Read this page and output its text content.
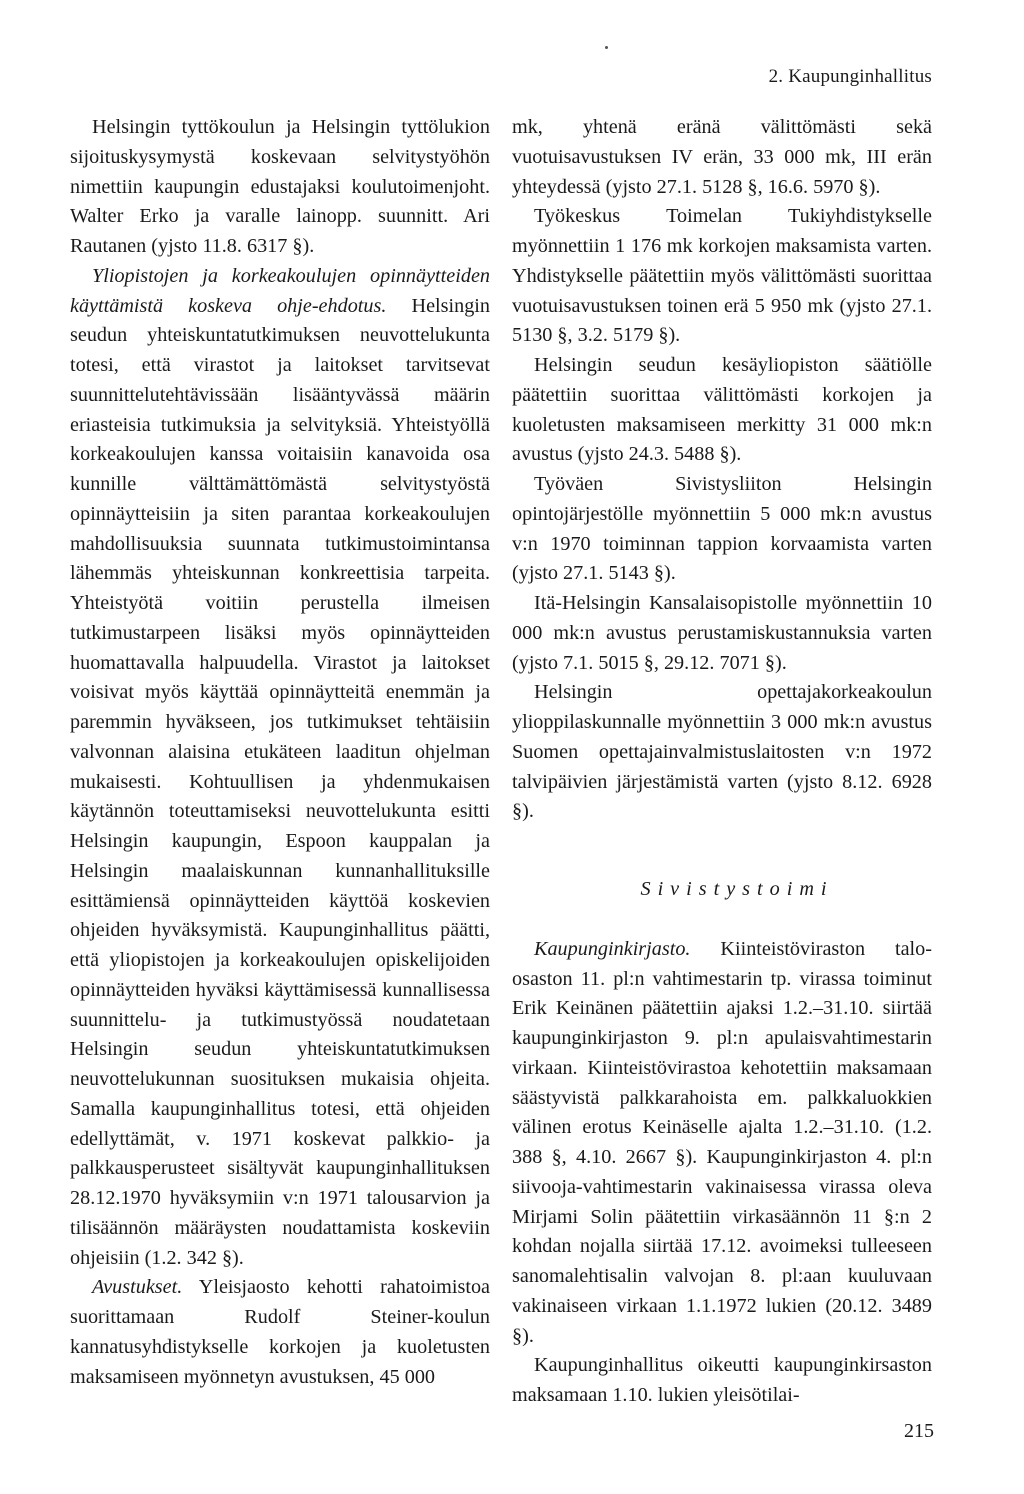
2. Kaupunginhallitus

Helsingin tyttökoulun ja Helsingin tyttölukion sijoituskysymystä koskevaan selvitystyöhön nimettiin kaupungin edustajaksi koulutoimenjoht. Walter Erko ja varalle lainopp. suunnitt. Ari Rautanen (yjsto 11.8. 6317 §).

Yliopistojen ja korkeakoulujen opinnäytteiden käyttämistä koskeva ohje-ehdotus. Helsingin seudun yhteiskuntatutkimuksen neuvottelukunta totesi, että virastot ja laitokset tarvitsevat suunnittelutehtävissään lisääntyvässä määrin eriasteisia tutkimuksia ja selvityksiä. Yhteistyöllä korkeakoulujen kanssa voitaisiin kanavoida osa kunnille välttämättömästä selvitystyöstä opinnäytteisiin ja siten parantaa korkeakoulujen mahdollisuuksia suunnata tutkimustoimintansa lähemmäs yhteiskunnan konkreettisia tarpeita. Yhteistyötä voitiin perustella ilmeisen tutkimustarpeen lisäksi myös opinnäytteiden huomattavalla halpuudella. Virastot ja laitokset voisivat myös käyttää opinnäytteitä enemmän ja paremmin hyväkseen, jos tutkimukset tehtäisiin valvonnan alaisina etukäteen laaditun ohjelman mukaisesti. Kohtuullisen ja yhdenmukaisen käytännön toteuttamiseksi neuvottelukunta esitti Helsingin kaupungin, Espoon kauppalan ja Helsingin maalaiskunnan kunnanhallituksille esittämiensä opinnäytteiden käyttöä koskevien ohjeiden hyväksymistä. Kaupunginhallitus päätti, että yliopistojen ja korkeakoulujen opiskelijoiden opinnäytteiden hyväksi käyttämisessä kunnallisessa suunnittelu- ja tutkimustyössä noudatetaan Helsingin seudun yhteiskuntatutkimuksen neuvottelukunnan suosituksen mukaisia ohjeita. Samalla kaupunginhallitus totesi, että ohjeiden edellyttämät, v. 1971 koskevat palkkio- ja palkkausperusteet sisältyvät kaupunginhallituksen 28.12.1970 hyväksymiin v:n 1971 talousarvion ja tilisäännön määräysten noudattamista koskeviin ohjeisiin (1.2. 342 §).

Avustukset. Yleisjaosto kehotti rahatoimistoa suorittamaan Rudolf Steiner-koulun kannatusyhdistykselle korkojen ja kuoletusten maksamiseen myönnetyn avustuksen, 45 000

mk, yhtenä eränä välittömästi sekä vuotuisavustuksen IV erän, 33 000 mk, III erän yhteydessä (yjsto 27.1. 5128 §, 16.6. 5970 §).

Työkeskus Toimelan Tukiyhdistykselle myönnettiin 1 176 mk korkojen maksamista varten. Yhdistykselle päätettiin myös välittömästi suorittaa vuotuisavustuksen toinen erä 5 950 mk (yjsto 27.1. 5130 §, 3.2. 5179 §).

Helsingin seudun kesäyliopiston säätiölle päätettiin suorittaa välittömästi korkojen ja kuoletusten maksamiseen merkitty 31 000 mk:n avustus (yjsto 24.3. 5488 §).

Työväen Sivistysliiton Helsingin opintojärjestölle myönnettiin 5 000 mk:n avustus v:n 1970 toiminnan tappion korvaamista varten (yjsto 27.1. 5143 §).

Itä-Helsingin Kansalaisopistolle myönnettiin 10 000 mk:n avustus perustamiskustannuksia varten (yjsto 7.1. 5015 §, 29.12. 7071 §).

Helsingin opettajakorkeakoulun ylioppilaskunnalle myönnettiin 3 000 mk:n avustus Suomen opettajainvalmistuslaitosten v:n 1972 talvipäivien järjestämistä varten (yjsto 8.12. 6928 §).

Sivistystoimi

Kaupunginkirjasto. Kiinteistöviraston talo-osaston 11. pl:n vahtimestarin tp. virassa toiminut Erik Keinänen päätettiin ajaksi 1.2.–31.10. siirtää kaupunginkirjaston 9. pl:n apulaisvahtimestarin virkaan. Kiinteistövirastoa kehotettiin maksamaan säästyvistä palkkarahoista em. palkkaluokkien välinen erotus Keinäselle ajalta 1.2.–31.10. (1.2. 388 §, 4.10. 2667 §). Kaupunginkirjaston 4. pl:n siivooja-vahtimestarin vakinaisessa virassa oleva Mirjami Solin päätettiin virkasäännön 11 §:n 2 kohdan nojalla siirtää 17.12. avoimeksi tulleeseen sanomalehtisalin valvojan 8. pl:aan kuuluvaan vakinaiseen virkaan 1.1.1972 lukien (20.12. 3489 §).

Kaupunginhallitus oikeutti kaupunginkirsaston maksamaan 1.10. lukien yleisötilai-

215
